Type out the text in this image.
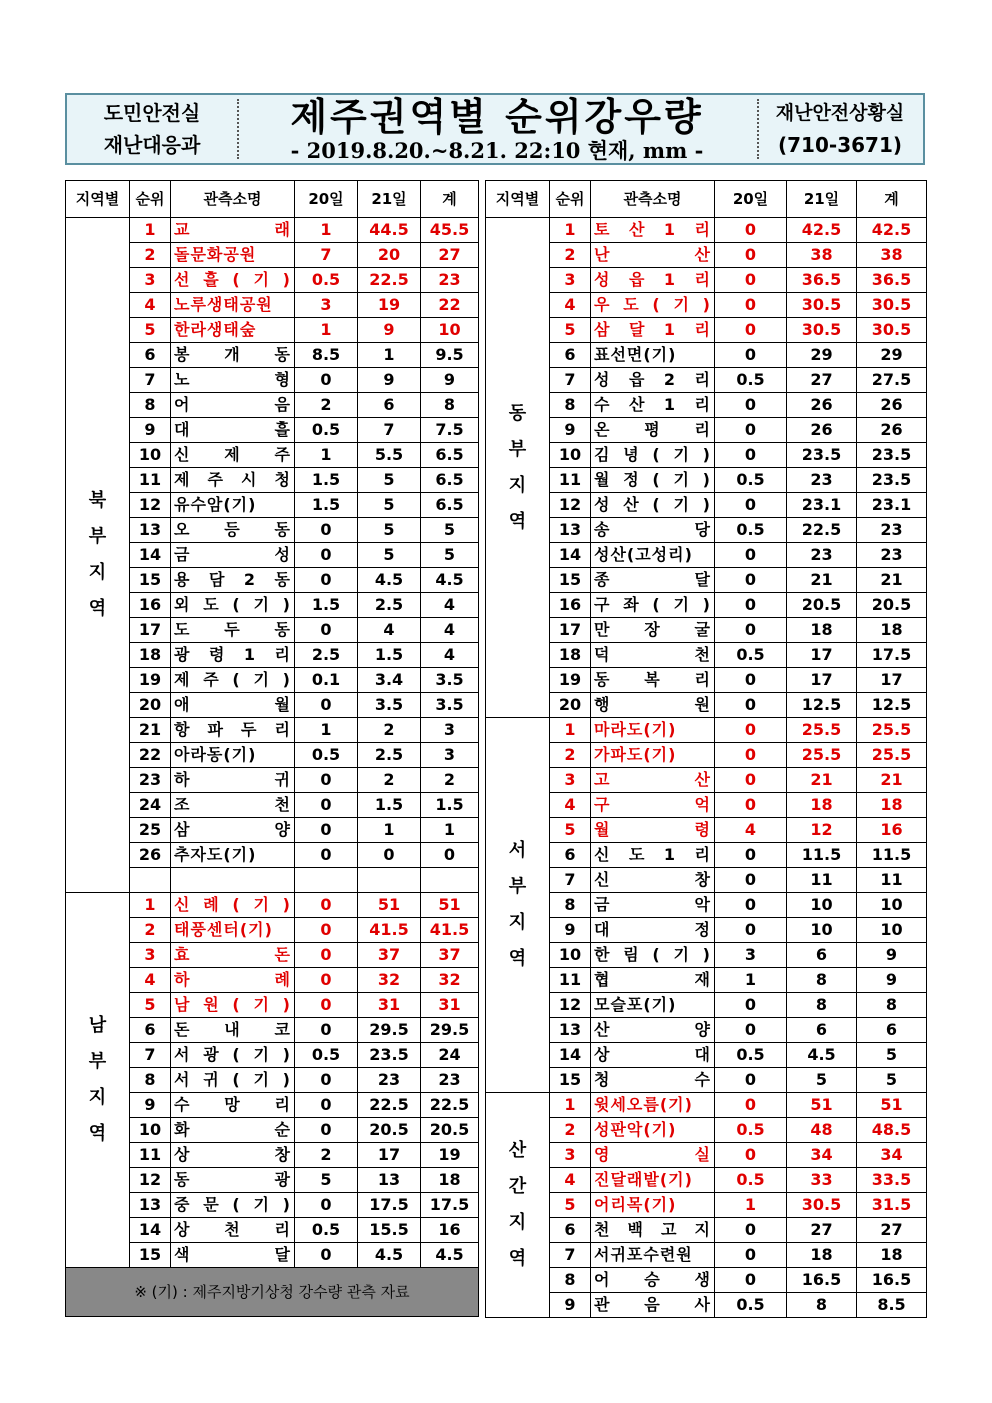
도민안전실
재난대응과
제주권역별 순위강우량
- 2019.8.20.~8.21. 22:10 현재, mm -
재난안전상황실
(710-3671)
지역별	순위	관측소명	20일	21일	계

북
부
지
역	1	교 래	1	44.5	45.5
	2	돌문화공원	7	20	27
	3	선 흘 ( 기 )	0.5	22.5	23
	4	노루생태공원	3	19	22
	5	한라생태숲	1	9	10
	6	봉 개 동	8.5	1	9.5
	7	노 형	0	9	9
	8	어 음	2	6	8
	9	대 흘	0.5	7	7.5
	10	신 제 주	1	5.5	6.5
	11	제 주 시 청	1.5	5	6.5
	12	유수암(기)	1.5	5	6.5
	13	오 등 동	0	5	5
	14	금 성	0	5	5
	15	용 담 2 동	0	4.5	4.5
	16	외 도 ( 기 )	1.5	2.5	4
	17	도 두 동	0	4	4
	18	광 령 1 리	2.5	1.5	4
	19	제 주 ( 기 )	0.1	3.4	3.5
	20	애 월	0	3.5	3.5
	21	항 파 두 리	1	2	3
	22	아라동(기)	0.5	2.5	3
	23	하 귀	0	2	2
	24	조 천	0	1.5	1.5
	25	삼 양	0	1	1
	26	추자도(기)	0	0	0

남
부
지
역	1	신 례 ( 기 )	0	51	51
	2	태풍센터(기)	0	41.5	41.5
	3	효 돈	0	37	37
	4	하 례	0	32	32
	5	남 원 ( 기 )	0	31	31
	6	돈 내 코	0	29.5	29.5
	7	서 광 ( 기 )	0.5	23.5	24
	8	서 귀 ( 기 )	0	23	23
	9	수 망 리	0	22.5	22.5
	10	화 순	0	20.5	20.5
	11	상 창	2	17	19
	12	동 광	5	13	18
	13	중 문 ( 기 )	0	17.5	17.5
	14	상 천 리	0.5	15.5	16
	15	색 달	0	4.5	4.5
※ (기) : 제주지방기상청 강수량 관측 자료					
지역별	순위	관측소명	20일	21일	계

동
부
지
역	1	토 산 1 리	0	42.5	42.5
	2	난 산	0	38	38
	3	성 읍 1 리	0	36.5	36.5
	4	우 도 ( 기 )	0	30.5	30.5
	5	삼 달 1 리	0	30.5	30.5
	6	표선면(기)	0	29	29
	7	성 읍 2 리	0.5	27	27.5
	8	수 산 1 리	0	26	26
	9	온 평 리	0	26	26
	10	김 녕 ( 기 )	0	23.5	23.5
	11	월 정 ( 기 )	0.5	23	23.5
	12	성 산 ( 기 )	0	23.1	23.1
	13	송 당	0.5	22.5	23
	14	성산(고성리)	0	23	23
	15	종 달	0	21	21
	16	구 좌 ( 기 )	0	20.5	20.5
	17	만 장 굴	0	18	18
	18	덕 천	0.5	17	17.5
	19	동 복 리	0	17	17
	20	행 원	0	12.5	12.5

서
부
지
역	1	마라도(기)	0	25.5	25.5
	2	가파도(기)	0	25.5	25.5
	3	고 산	0	21	21
	4	구 억	0	18	18
	5	월 령	4	12	16
	6	신 도 1 리	0	11.5	11.5
	7	신 창	0	11	11
	8	금 악	0	10	10
	9	대 정	0	10	10
	10	한 림 ( 기 )	3	6	9
	11	협 재	1	8	9
	12	모슬포(기)	0	8	8
	13	산 양	0	6	6
	14	상 대	0.5	4.5	5
	15	청 수	0	5	5

산
간
지
역	1	윗세오름(기)	0	51	51
	2	성판악(기)	0.5	48	48.5
	3	영 실	0	34	34
	4	진달래밭(기)	0.5	33	33.5
	5	어리목(기)	1	30.5	31.5
	6	천 백 고 지	0	27	27
	7	서귀포수련원	0	18	18
	8	어 승 생	0	16.5	16.5
	9	관 음 사	0.5	8	8.5
